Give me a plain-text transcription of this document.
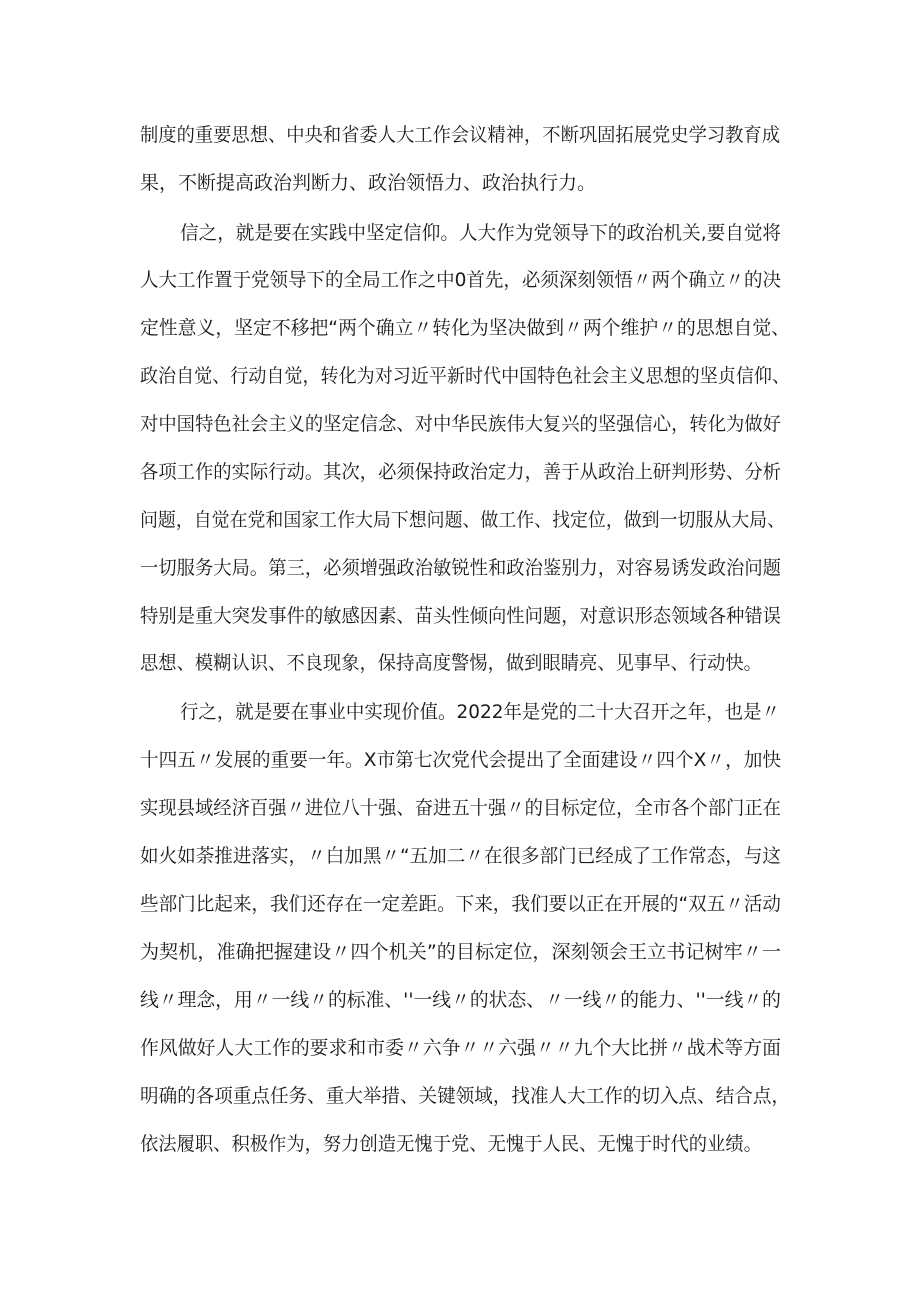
制度的重要思想、中央和省委人大工作会议精神，不断巩固拓展党史学习教育成
果，不断提高政治判断力、政治领悟力、政治执行力。
信之，就是要在实践中坚定信仰。人大作为党领导下的政治机关,要自觉将
人大工作置于党领导下的全局工作之中0首先，必须深刻领悟〃两个确立〃的决
定性意义，坚定不移把“两个确立〃转化为坚决做到〃两个维护〃的思想自觉、
政治自觉、行动自觉，转化为对习近平新时代中国特色社会主义思想的坚贞信仰、
对中国特色社会主义的坚定信念、对中华民族伟大复兴的坚强信心，转化为做好
各项工作的实际行动。其次，必须保持政治定力，善于从政治上研判形势、分析
问题，自觉在党和国家工作大局下想问题、做工作、找定位，做到一切服从大局、
一切服务大局。第三，必须增强政治敏锐性和政治鉴别力，对容易诱发政治问题
特别是重大突发事件的敏感因素、苗头性倾向性问题，对意识形态领域各种错误
思想、模糊认识、不良现象，保持高度警惕，做到眼睛亮、见事早、行动快。
行之，就是要在事业中实现价值。2022年是党的二十大召开之年，也是〃
十四五〃发展的重要一年。X市第七次党代会提出了全面建设〃四个X〃，加快
实现县域经济百强〃进位八十强、奋进五十强〃的目标定位，全市各个部门正在
如火如荼推进落实，〃白加黑〃“五加二〃在很多部门已经成了工作常态，与这
些部门比起来，我们还存在一定差距。下来，我们要以正在开展的“双五〃活动
为契机，准确把握建设〃四个机关”的目标定位，深刻领会王立书记树牢〃一
线〃理念，用〃一线〃的标准、''一线〃的状态、〃一线〃的能力、''一线〃的
作风做好人大工作的要求和市委〃六争〃〃六强〃〃九个大比拼〃战术等方面
明确的各项重点任务、重大举措、关键领域，找准人大工作的切入点、结合点，
依法履职、积极作为，努力创造无愧于党、无愧于人民、无愧于时代的业绩。
